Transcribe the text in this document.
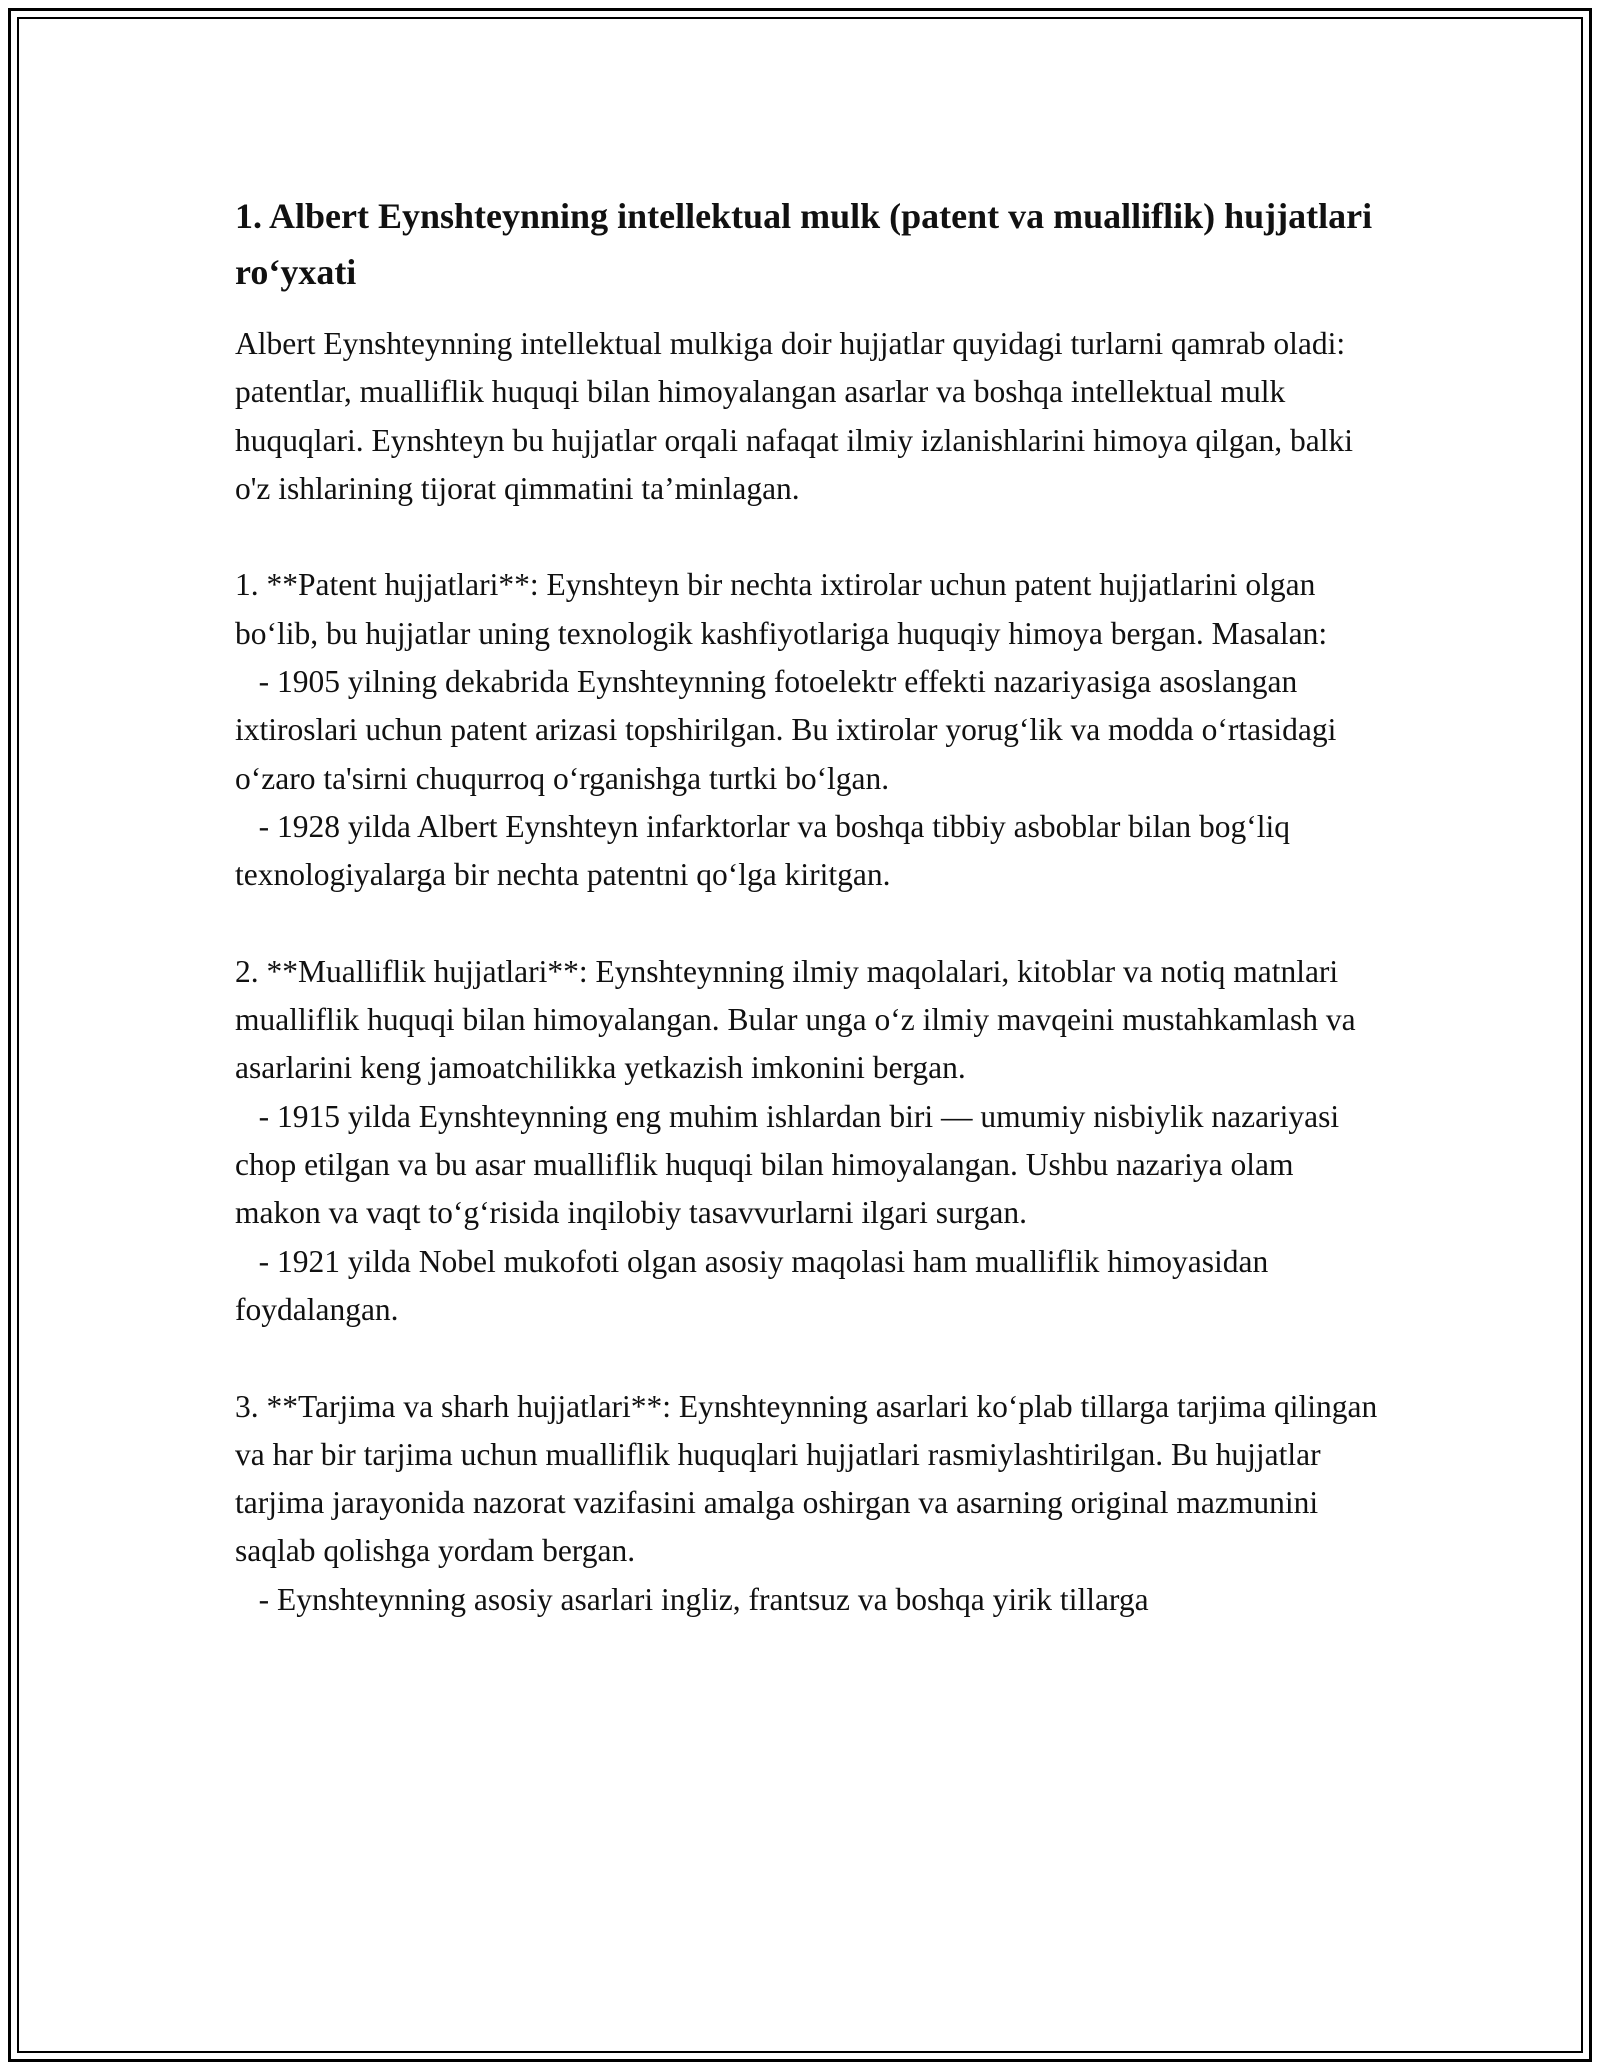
1. Albert Eynshteynning intellektual mulk (patent va mualliflik) hujjatlari ro‘yxati

Albert Eynshteynning intellektual mulkiga doir hujjatlar quyidagi turlarni qamrab oladi: patentlar, mualliflik huquqi bilan himoyalangan asarlar va boshqa intellektual mulk huquqlari. Eynshteyn bu hujjatlar orqali nafaqat ilmiy izlanishlarini himoya qilgan, balki o'z ishlarining tijorat qimmatini ta’minlagan.

1. **Patent hujjatlari**: Eynshteyn bir nechta ixtirolar uchun patent hujjatlarini olgan bo‘lib, bu hujjatlar uning texnologik kashfiyotlariga huquqiy himoya bergan. Masalan:
- 1905 yilning dekabrida Eynshteynning fotoelektr effekti nazariyasiga asoslangan ixtiroslari uchun patent arizasi topshirilgan. Bu ixtirolar yorug‘lik va modda o‘rtasidagi o‘zaro ta'sirni chuqurroq o‘rganishga turtki bo‘lgan.
- 1928 yilda Albert Eynshteyn infarktorlar va boshqa tibbiy asboblar bilan bog‘liq texnologiyalarga bir nechta patentni qo‘lga kiritgan.

2. **Mualliflik hujjatlari**: Eynshteynning ilmiy maqolalari, kitoblar va notiq matnlari mualliflik huquqi bilan himoyalangan. Bular unga o‘z ilmiy mavqeini mustahkamlash va asarlarini keng jamoatchilikka yetkazish imkonini bergan.
- 1915 yilda Eynshteynning eng muhim ishlardan biri — umumiy nisbiylik nazariyasi chop etilgan va bu asar mualliflik huquqi bilan himoyalangan. Ushbu nazariya olam makon va vaqt to‘g‘risida inqilobiy tasavvurlarni ilgari surgan.
- 1921 yilda Nobel mukofoti olgan asosiy maqolasi ham mualliflik himoyasidan foydalangan.

3. **Tarjima va sharh hujjatlari**: Eynshteynning asarlari ko‘plab tillarga tarjima qilingan va har bir tarjima uchun mualliflik huquqlari hujjatlari rasmiylashtirilgan. Bu hujjatlar tarjima jarayonida nazorat vazifasini amalga oshirgan va asarning original mazmunini saqlab qolishga yordam bergan.
- Eynshteynning asosiy asarlari ingliz, frantsuz va boshqa yirik tillarga
